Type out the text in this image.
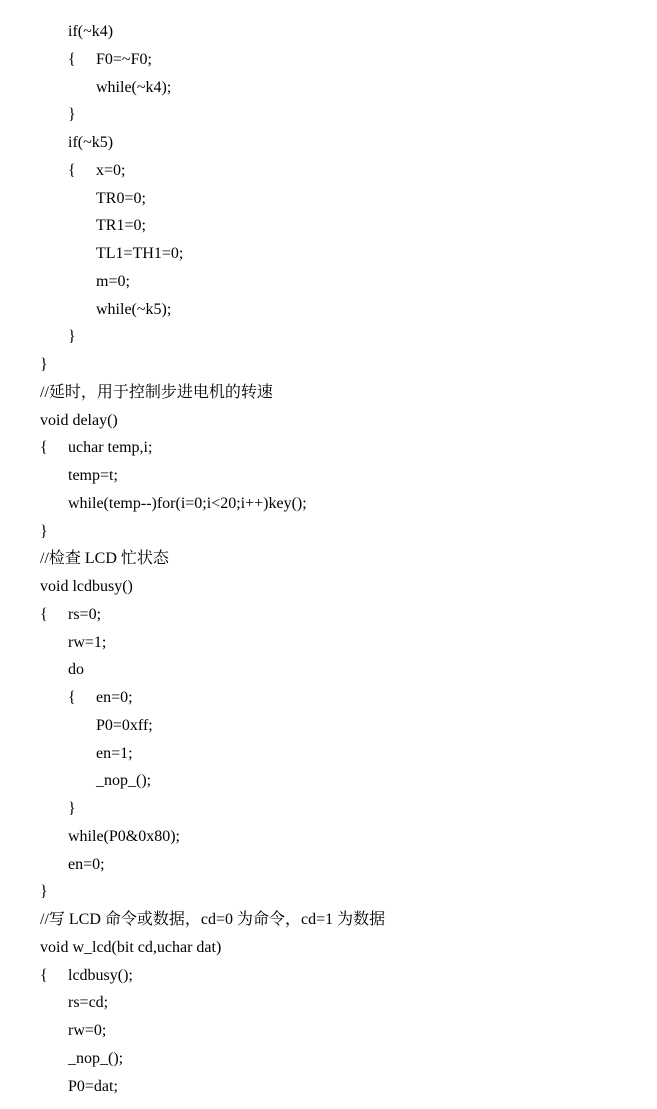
if(~k4)
{ F0=~F0;
while(~k4);
}
if(~k5)
{ x=0;
TR0=0;
TR1=0;
TL1=TH1=0;
m=0;
while(~k5);
}
}
//延时，用于控制步进电机的转速
void delay()
{ uchar temp,i;
temp=t;
while(temp--)for(i=0;i<20;i++)key();
}
//检查 LCD 忙状态
void lcdbusy()
{ rs=0;
rw=1;
do
{ en=0;
P0=0xff;
en=1;
_nop_();
}
while(P0&0x80);
en=0;
}
//写 LCD 命令或数据，cd=0 为命令，cd=1 为数据
void w_lcd(bit cd,uchar dat)
{ lcdbusy();
rs=cd;
rw=0;
_nop_();
P0=dat;
